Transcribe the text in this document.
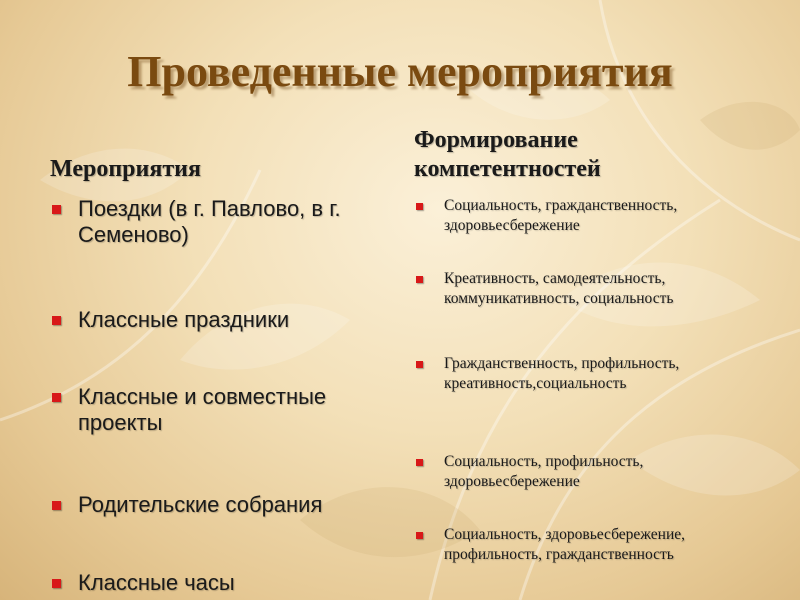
Проведенные мероприятия
Мероприятия
Формирование компетентностей
Поездки (в г. Павлово, в г. Семеново)
Классные праздники
Классные и совместные проекты
Родительские собрания
Классные часы
Социальность, гражданственность, здоровьесбережение
Креативность, самодеятельность, коммуникативность, социальность
Гражданственность, профильность, креативность,социальность
Социальность, профильность, здоровьесбережение
Социальность, здоровьесбережение, профильность, гражданственность
